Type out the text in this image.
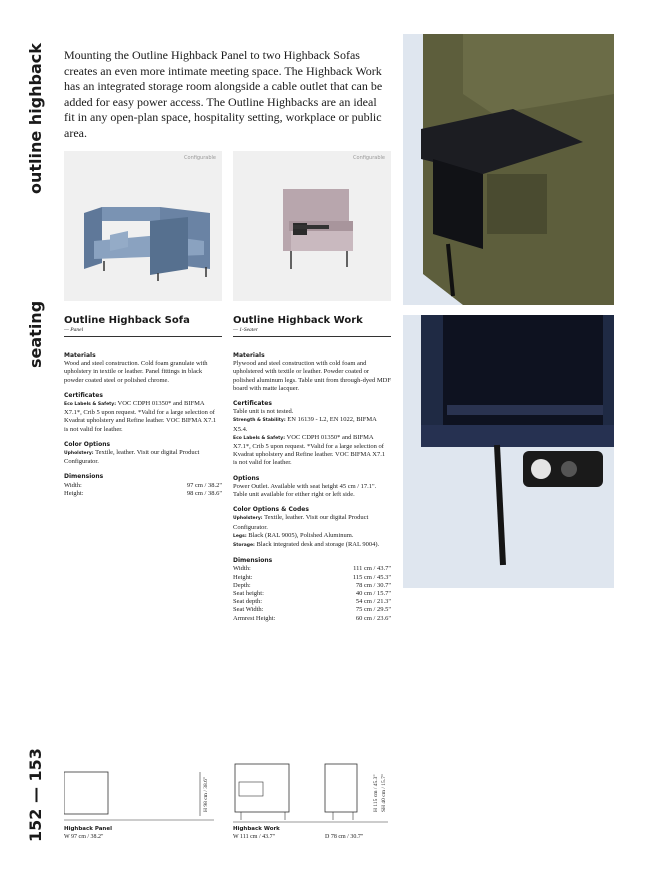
outline highback
seating
152 — 153
Mounting the Outline Highback Panel to two Highback Sofas creates an even more intimate meeting space. The Highback Work has an integrated storage room alongside a cable outlet that can be added for easy power access. The Outline Highbacks are an ideal fit in any open-plan space, hospitality setting, workplace or public area.
Configurable	Configurable
Outline Highback Sofa
— Panel
Materials
Wood and steel construction. Cold foam granulate with upholstery in textile or leather. Panel fittings in black powder coated steel or polished chrome.
Certificates
Eco Labels & Safety: VOC CDPH 01350* and BIFMA X7.1*, Crib 5 upon request. *Valid for a large selection of Kvadrat upholstery and Refine leather. VOC BIFMA X7.1 is not valid for leather.
Color Options
Upholstery: Textile, leather. Visit our digital Product Configurator.
Dimensions
Width:	97 cm / 38.2"
Height:	98 cm / 38.6"
Outline Highback Work
— 1-Seater
Materials
Plywood and steel construction with cold foam and upholstered with textile or leather. Powder coated or polished aluminum legs. Table unit from through-dyed MDF board with matte lacquer.
Certificates
Table unit is not tested.
Strength & Stability: EN 16139 - L2, EN 1022, BIFMA X5.4.
Eco Labels & Safety: VOC CDPH 01350* and BIFMA X7.1*, Crib 5 upon request. *Valid for a large selection of Kvadrat upholstery and Refine leather. VOC BIFMA X7.1 is not valid for leather.
Options
Power Outlet. Available with seat height 45 cm / 17.1". Table unit available for either right or left side.
Color Options & Codes
Upholstery: Textile, leather. Visit our digital Product Configurator.
Legs: Black (RAL 9005), Polished Aluminum.
Storage: Black integrated desk and storage (RAL 9004).
Dimensions
Width:	111 cm / 43.7"
Height:	115 cm / 45.3"
Depth:	78 cm / 30.7"
Seat height:	40 cm / 15.7"
Seat depth:	54 cm / 21.3"
Seat Width:	75 cm / 29.5"
Armrest Height:	60 cm / 23.6"
H 98 cm / 38.6"
Highback Panel
W 97 cm / 38.2"
H 115 cm / 45.3" SH 40 cm / 15.7"
Highback Work
W 111 cm / 43.7"	D 78 cm / 30.7"
